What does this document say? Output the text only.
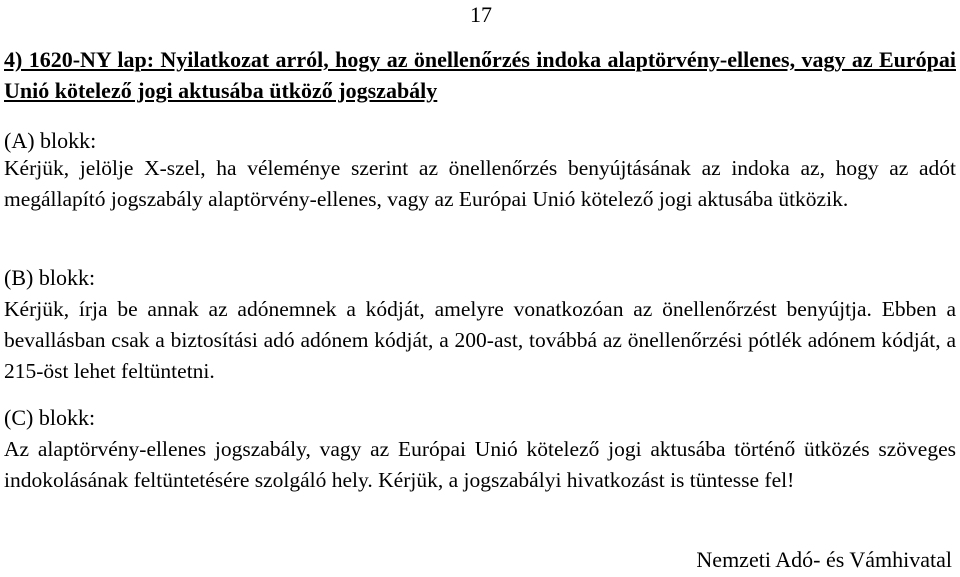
17
4) 1620-NY lap: Nyilatkozat arról, hogy az önellenőrzés indoka alaptörvény-ellenes, vagy az Európai Unió kötelező jogi aktusába ütköző jogszabály
(A) blokk:
Kérjük, jelölje X-szel, ha véleménye szerint az önellenőrzés benyújtásának az indoka az, hogy az adót megállapító jogszabály alaptörvény-ellenes, vagy az Európai Unió kötelező jogi aktusába ütközik.
(B) blokk:
Kérjük, írja be annak az adónemnek a kódját, amelyre vonatkozóan az önellenőrzést benyújtja. Ebben a bevallásban csak a biztosítási adó adónem kódját, a 200-ast, továbbá az önellenőrzési pótlék adónem kódját, a 215-öst lehet feltüntetni.
(C) blokk:
Az alaptörvény-ellenes jogszabály, vagy az Európai Unió kötelező jogi aktusába történő ütközés szöveges indokolásának feltüntetésére szolgáló hely. Kérjük, a jogszabályi hivatkozást is tüntesse fel!
Nemzeti Adó- és Vámhivatal
